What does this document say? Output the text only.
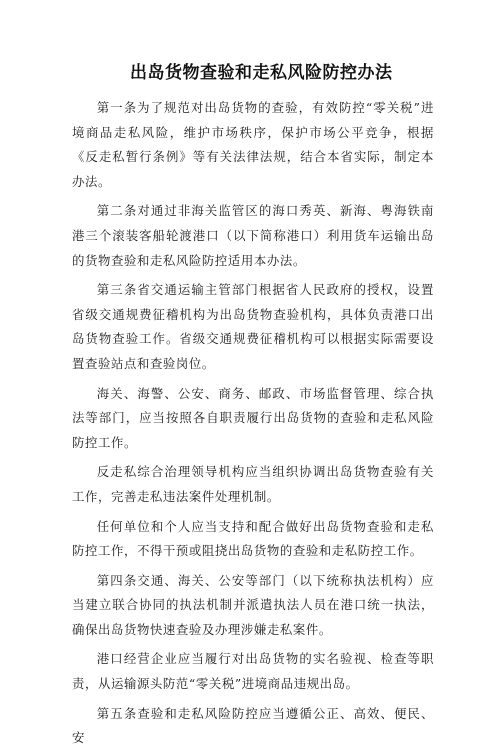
出岛货物查验和走私风险防控办法

第一条为了规范对出岛货物的查验，有效防控“零关税”进境商品走私风险，维护市场秩序，保护市场公平竞争，根据《反走私暂行条例》等有关法律法规，结合本省实际，制定本办法。

第二条对通过非海关监管区的海口秀英、新海、粤海铁南港三个滚装客船轮渡港口（以下简称港口）利用货车运输出岛的货物查验和走私风险防控适用本办法。

第三条省交通运输主管部门根据省人民政府的授权，设置省级交通规费征稽机构为出岛货物查验机构，具体负责港口出岛货物查验工作。省级交通规费征稽机构可以根据实际需要设置查验站点和查验岗位。

海关、海警、公安、商务、邮政、市场监督管理、综合执法等部门，应当按照各自职责履行出岛货物的查验和走私风险防控工作。

反走私综合治理领导机构应当组织协调出岛货物查验有关工作，完善走私违法案件处理机制。

任何单位和个人应当支持和配合做好出岛货物查验和走私防控工作，不得干预或阻挠出岛货物的查验和走私防控工作。

第四条交通、海关、公安等部门（以下统称执法机构）应当建立联合协同的执法机制并派遣执法人员在港口统一执法，确保出岛货物快速查验及办理涉嫌走私案件。

港口经营企业应当履行对出岛货物的实名验视、检查等职责，从运输源头防范“零关税”进境商品违规出岛。

第五条查验和走私风险防控应当遵循公正、高效、便民、安
